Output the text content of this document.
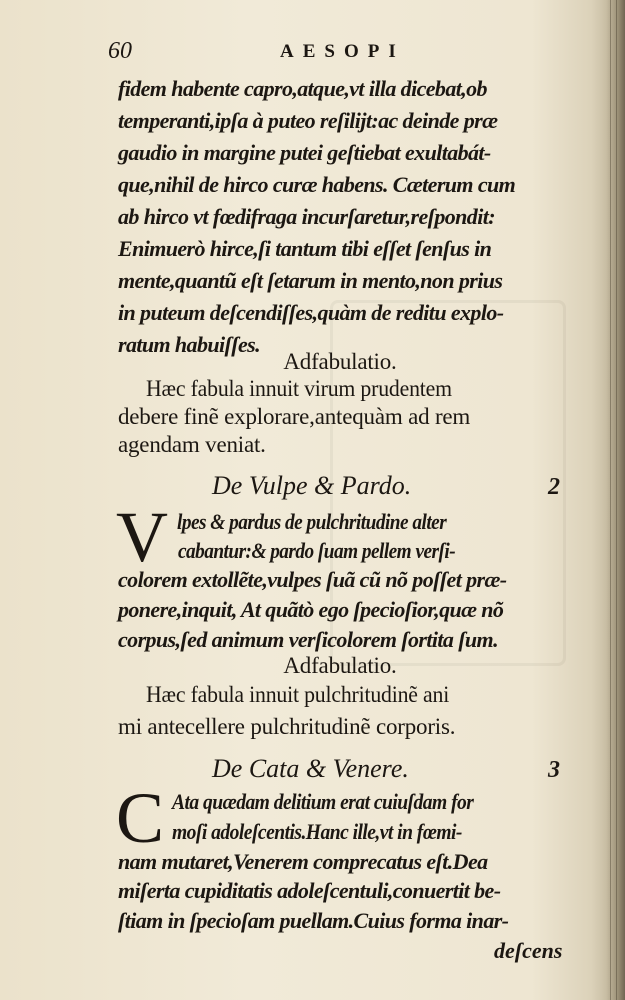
60	AESOPI
fidem habente capro,atque,vt illa dicebat,ob
temperanti,ipſa à puteo reſilijt:ac deinde præ
gaudio in margine putei geſtiebat exultabát-
que,nihil de hirco curæ habens. Cæterum cum
ab hirco vt fœdifraga incurſaretur,reſpondit:
Enimuerò hirce,ſi tantum tibi eſſet ſenſus in
mente,quantũ eſt ſetarum in mento,non prius
in puteum deſcendiſſes,quàm de reditu explo-
ratum habuiſſes.
Adfabulatio.
Hæc fabula innuit virum prudentem
debere finẽ explorare,antequàm ad rem
agendam veniat.
De Vulpe & Pardo.	2
V lpes & pardus de pulchritudine alter
cabantur:& pardo ſuam pellem verſi-
colorem extollẽte,vulpes ſuã cũ nõ poſſet præ-
ponere,inquit, At quãtò ego ſpecioſior,quæ nõ
corpus,ſed animum verſicolorem ſortita ſum.
Adfabulatio.
Hæc fabula innuit pulchritudinẽ ani
mi antecellere pulchritudinẽ corporis.
De Cata & Venere.	3
C Ata quædam delitium erat cuiuſdam for
moſi adoleſcentis.Hanc ille,vt in fœmi-
nam mutaret,Venerem comprecatus eſt.Dea
miſerta cupiditatis adoleſcentuli,conuertit be-
ſtiam in ſpecioſam puellam.Cuius forma inar-
deſcens
